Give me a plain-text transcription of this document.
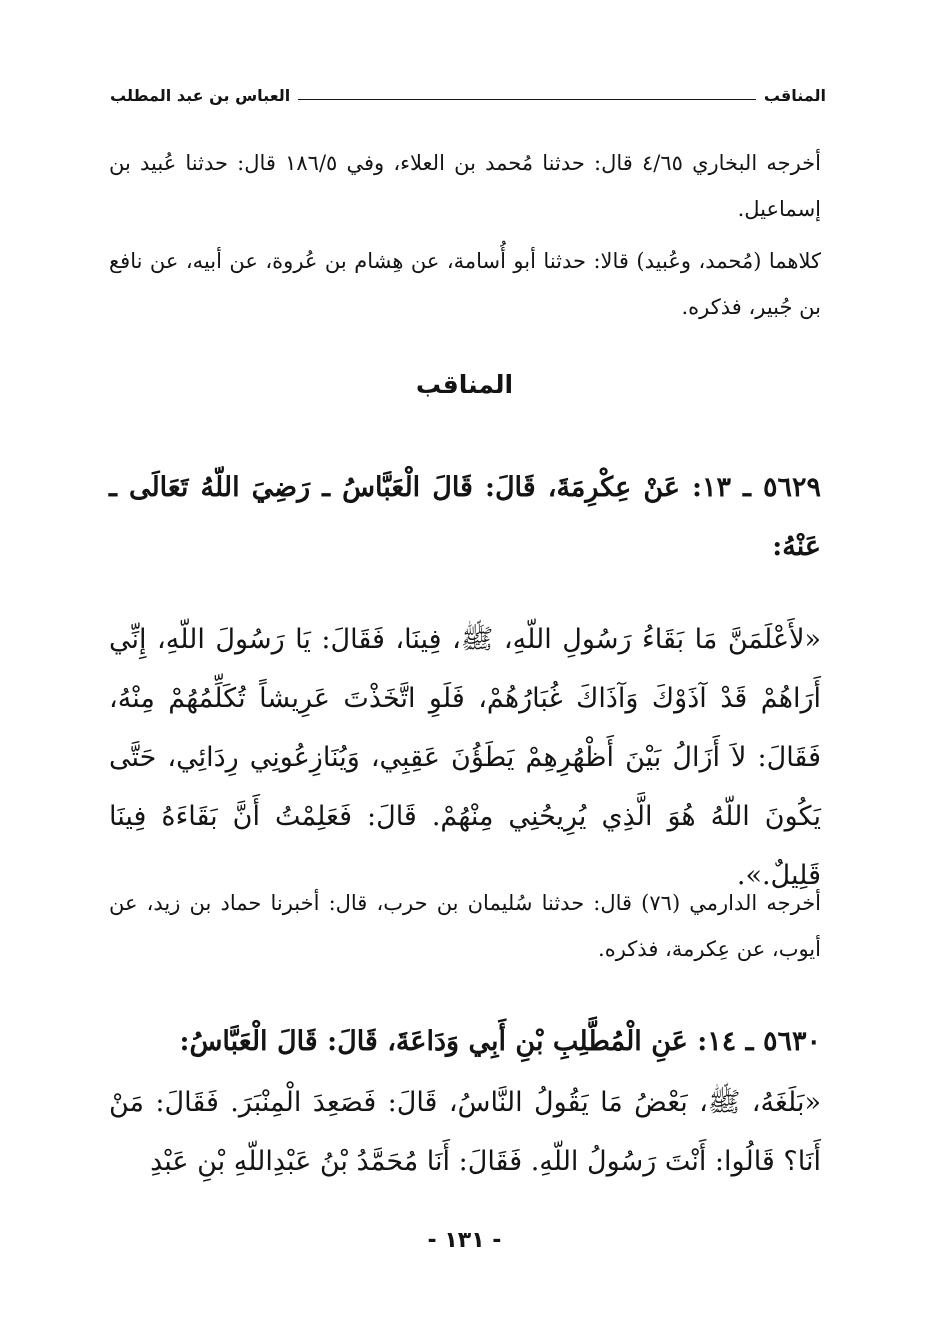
المناقب
العباس بن عبد المطلب

أخرجه البخاري ٤/٦٥ قال: حدثنا مُحمد بن العلاء، وفي ١٨٦/٥ قال: حدثنا عُبيد بن إسماعيل.

كلاهما (مُحمد، وعُبيد) قالا: حدثنا أبو أُسامة، عن هِشام بن عُروة، عن أبيه، عن نافع بن جُبير، فذكره.

المناقب

٥٦٢٩ ـ ١٣: عَنْ عِكْرِمَةَ، قَالَ: قَالَ الْعَبَّاسُ ـ رَضِيَ اللّهُ تَعَالَى ـ عَنْهُ:

«لأَعْلَمَنَّ مَا بَقَاءُ رَسُولِ اللّهِ، ﷺ، فِينَا، فَقَالَ: يَا رَسُولَ اللّهِ، إِنِّي أَرَاهُمْ قَدْ آذَوْكَ وَآذَاكَ غُبَارُهُمْ، فَلَوِ اتَّخَذْتَ عَرِيشاً تُكَلِّمُهُمْ مِنْهُ، فَقَالَ: لاَ أَزَالُ بَيْنَ أَظْهُرِهِمْ يَطَؤُنَ عَقِبِي، وَيُنَازِعُونِي رِدَائِي، حَتَّى يَكُونَ اللّهُ هُوَ الَّذِي يُرِيحُنِي مِنْهُمْ. قَالَ: فَعَلِمْتُ أَنَّ بَقَاءَهُ فِينَا قَلِيلٌ.».

أخرجه الدارمي (٧٦) قال: حدثنا سُليمان بن حرب، قال: أخبرنا حماد بن زيد، عن أيوب، عن عِكرمة، فذكره.

٥٦٣٠ ـ ١٤: عَنِ الْمُطَّلِبِ بْنِ أَبِي وَدَاعَةَ، قَالَ: قَالَ الْعَبَّاسُ:

«بَلَغَهُ، ﷺ، بَعْضُ مَا يَقُولُ النَّاسُ، قَالَ: فَصَعِدَ الْمِنْبَرَ. فَقَالَ: مَنْ أَنَا؟ قَالُوا: أَنْتَ رَسُولُ اللّهِ. فَقَالَ: أَنَا مُحَمَّدُ بْنُ عَبْدِاللّهِ بْنِ عَبْدِ

- ١٣١ -
